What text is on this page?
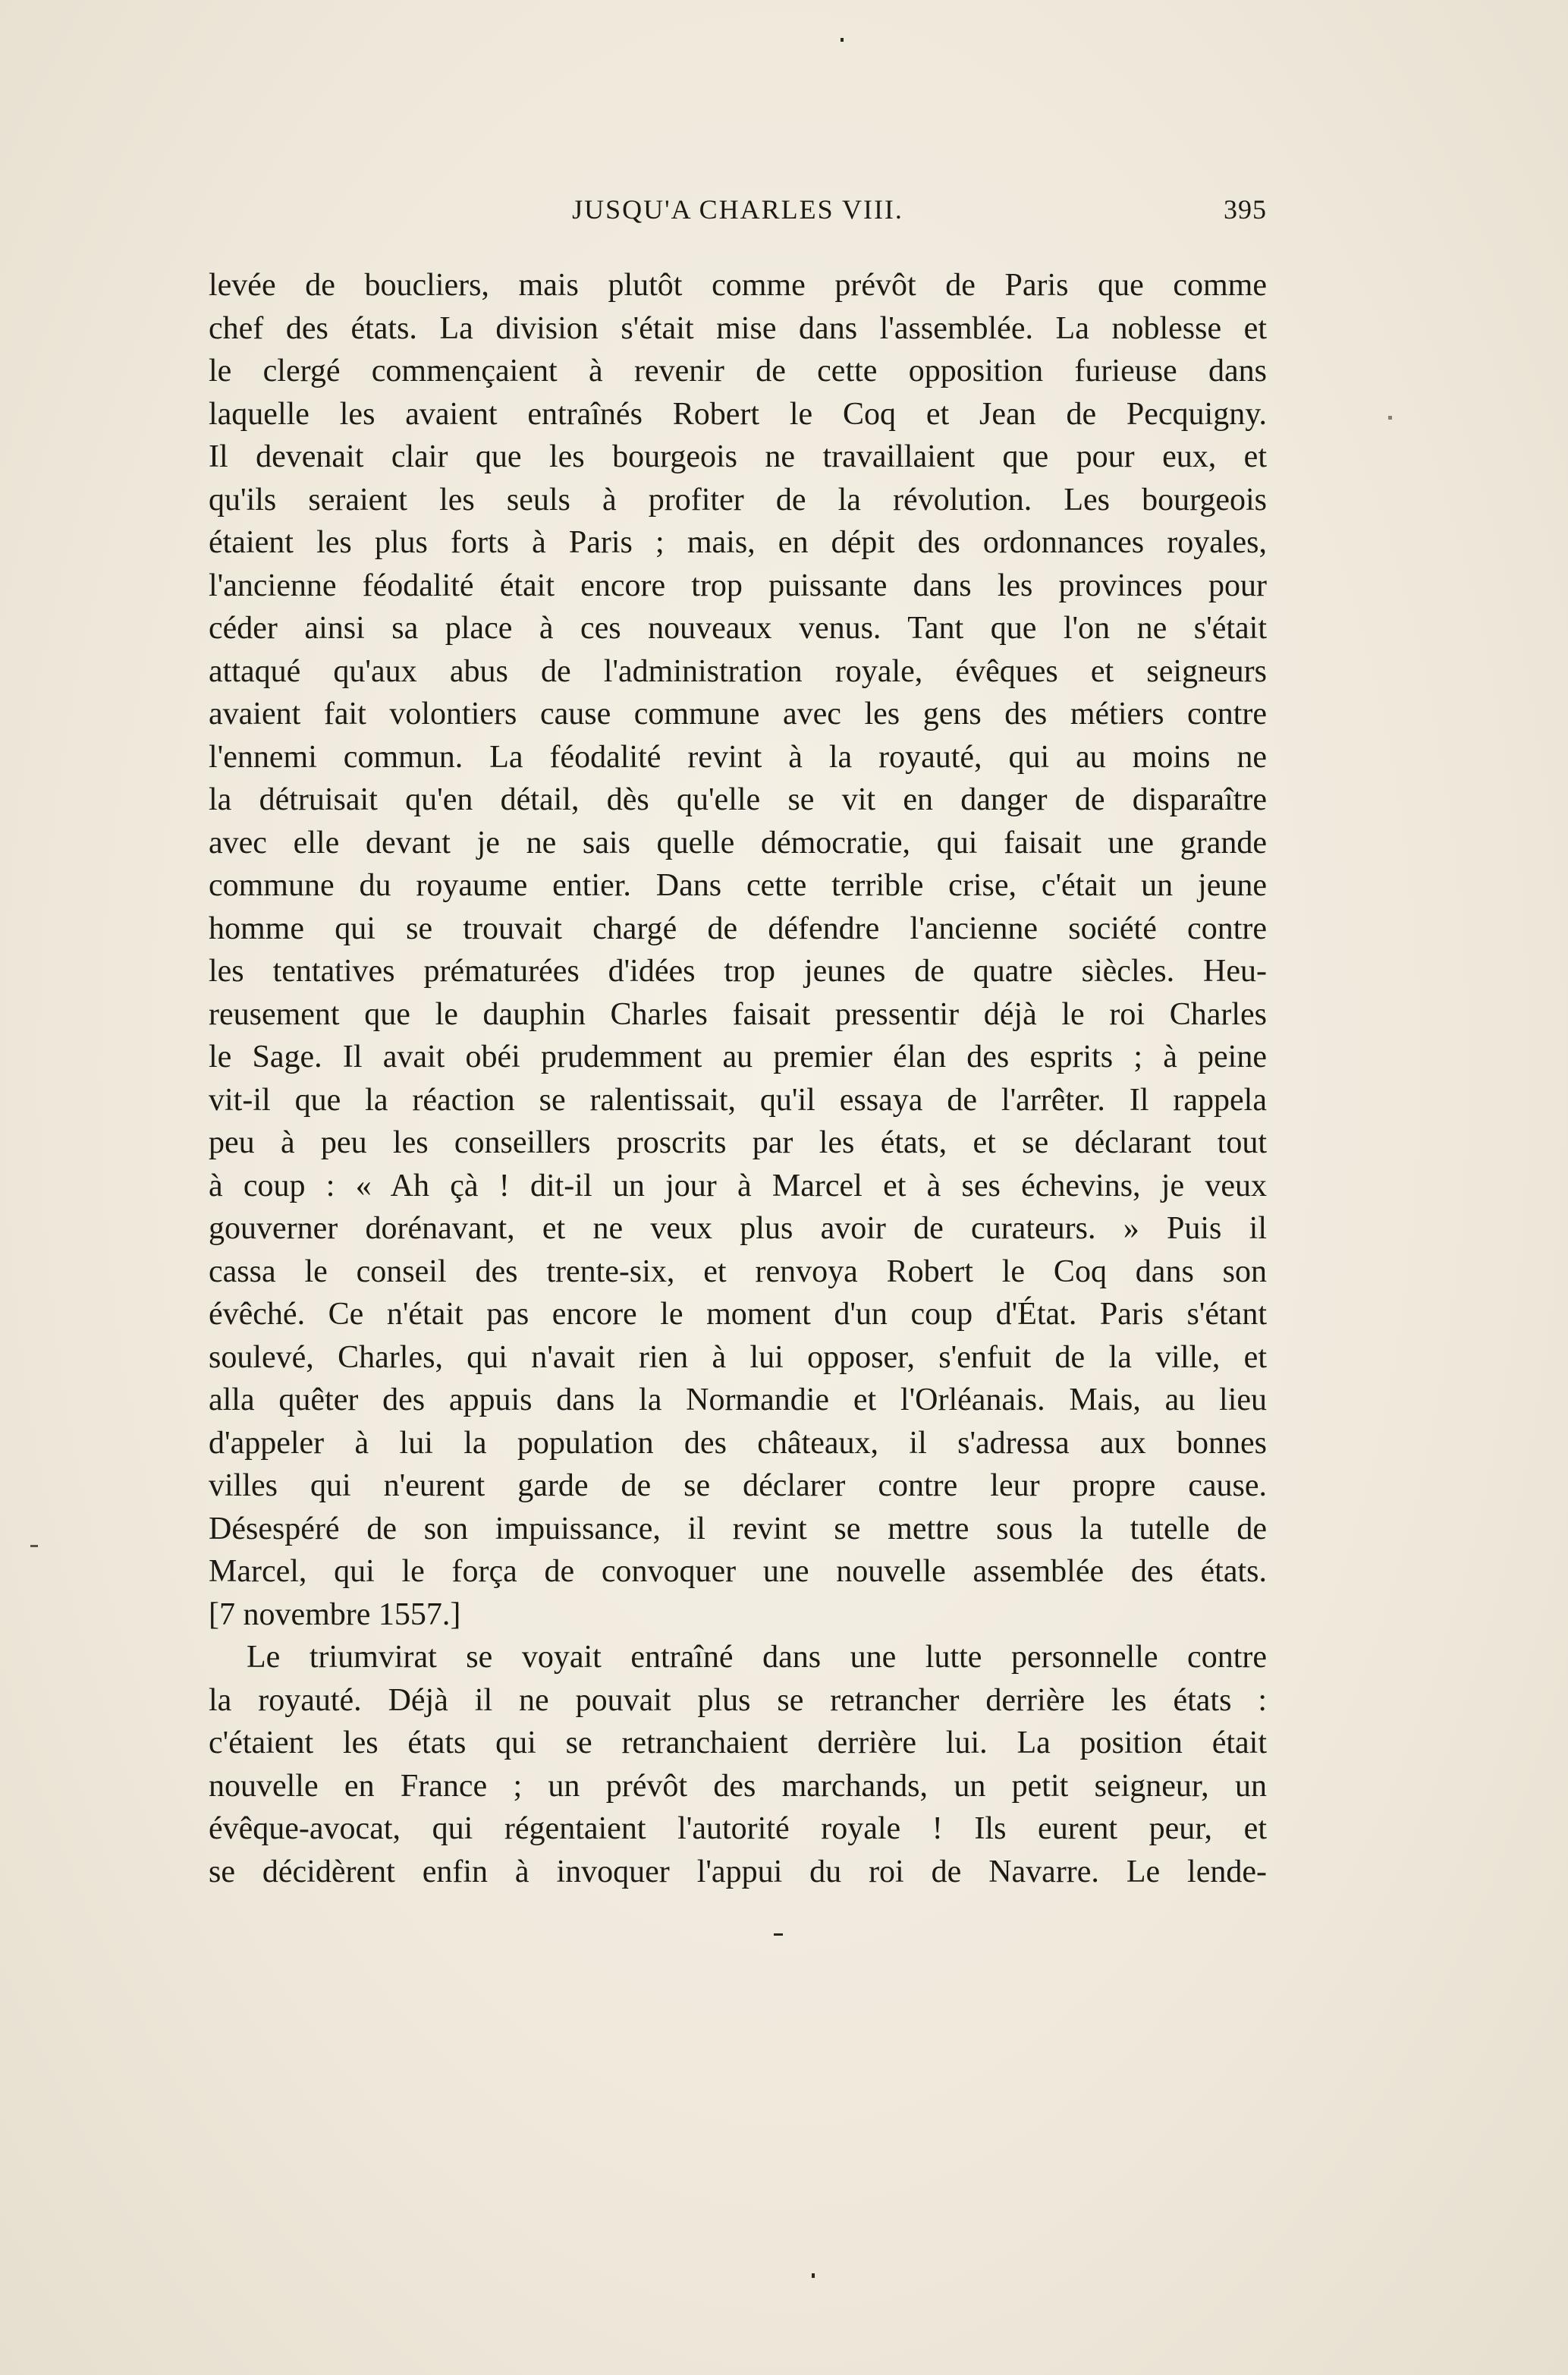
JUSQU'A CHARLES VIII.	395
levée de boucliers, mais plutôt comme prévôt de Paris que comme
chef des états. La division s'était mise dans l'assemblée. La noblesse et
le clergé commençaient à revenir de cette opposition furieuse dans
laquelle les avaient entraînés Robert le Coq et Jean de Pecquigny.
Il devenait clair que les bourgeois ne travaillaient que pour eux, et
qu'ils seraient les seuls à profiter de la révolution. Les bourgeois
étaient les plus forts à Paris ; mais, en dépit des ordonnances royales,
l'ancienne féodalité était encore trop puissante dans les provinces pour
céder ainsi sa place à ces nouveaux venus. Tant que l'on ne s'était
attaqué qu'aux abus de l'administration royale, évêques et seigneurs
avaient fait volontiers cause commune avec les gens des métiers contre
l'ennemi commun. La féodalité revint à la royauté, qui au moins ne
la détruisait qu'en détail, dès qu'elle se vit en danger de disparaître
avec elle devant je ne sais quelle démocratie, qui faisait une grande
commune du royaume entier. Dans cette terrible crise, c'était un jeune
homme qui se trouvait chargé de défendre l'ancienne société contre
les tentatives prématurées d'idées trop jeunes de quatre siècles. Heu-
reusement que le dauphin Charles faisait pressentir déjà le roi Charles
le Sage. Il avait obéi prudemment au premier élan des esprits ; à peine
vit-il que la réaction se ralentissait, qu'il essaya de l'arrêter. Il rappela
peu à peu les conseillers proscrits par les états, et se déclarant tout
à coup : « Ah çà ! dit-il un jour à Marcel et à ses échevins, je veux
gouverner dorénavant, et ne veux plus avoir de curateurs. » Puis il
cassa le conseil des trente-six, et renvoya Robert le Coq dans son
évêché. Ce n'était pas encore le moment d'un coup d'État. Paris s'étant
soulevé, Charles, qui n'avait rien à lui opposer, s'enfuit de la ville, et
alla quêter des appuis dans la Normandie et l'Orléanais. Mais, au lieu
d'appeler à lui la population des châteaux, il s'adressa aux bonnes
villes qui n'eurent garde de se déclarer contre leur propre cause.
Désespéré de son impuissance, il revint se mettre sous la tutelle de
Marcel, qui le força de convoquer une nouvelle assemblée des états.
[7 novembre 1557.]
Le triumvirat se voyait entraîné dans une lutte personnelle contre
la royauté. Déjà il ne pouvait plus se retrancher derrière les états :
c'étaient les états qui se retranchaient derrière lui. La position était
nouvelle en France ; un prévôt des marchands, un petit seigneur, un
évêque-avocat, qui régentaient l'autorité royale ! Ils eurent peur, et
se décidèrent enfin à invoquer l'appui du roi de Navarre. Le lende-
